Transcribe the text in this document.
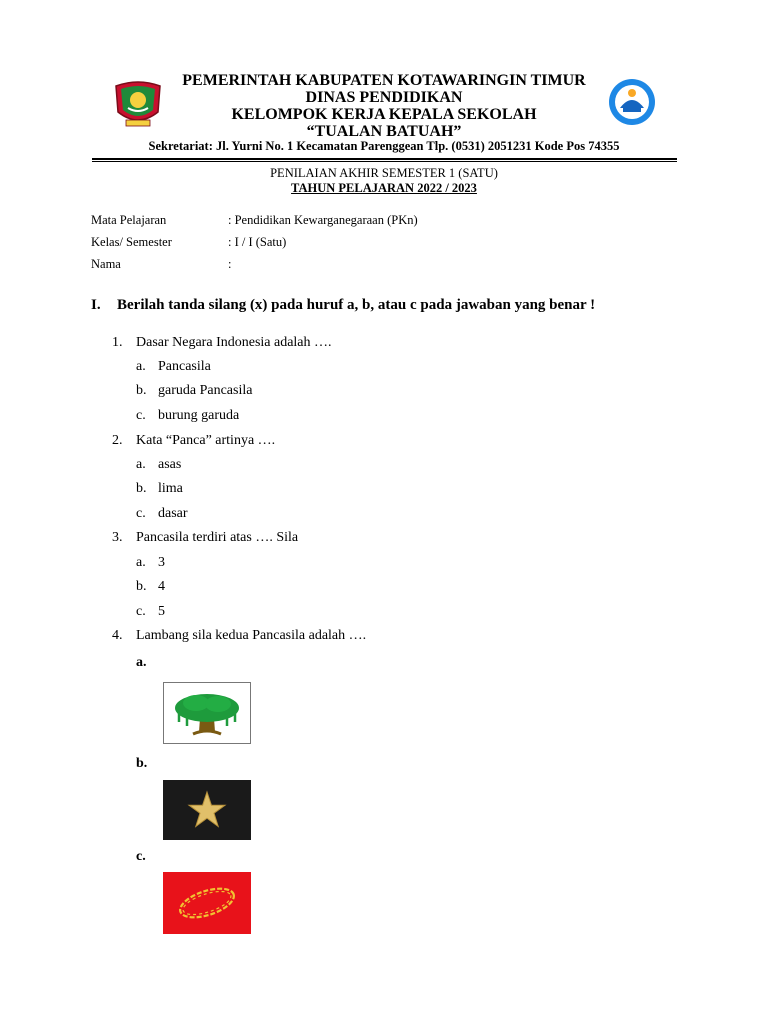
PEMERINTAH KABUPATEN KOTAWARINGIN TIMUR
DINAS PENDIDIKAN
KELOMPOK KERJA KEPALA SEKOLAH
“TUALAN BATUAH”
Sekretariat: Jl. Yurni No. 1 Kecamatan Parenggean Tlp. (0531) 2051231 Kode Pos 74355
PENILAIAN AKHIR SEMESTER 1 (SATU)
TAHUN PELAJARAN 2022 / 2023
Mata Pelajaran	: Pendidikan Kewarganegaraan (PKn)
Kelas/ Semester	: I / I (Satu)
Nama	:
I. Berilah tanda silang (x) pada huruf a, b, atau c pada jawaban yang benar !
1. Dasar Negara Indonesia adalah ….
a. Pancasila
b. garuda Pancasila
c. burung garuda
2. Kata “Panca” artinya ….
a. asas
b. lima
c. dasar
3. Pancasila terdiri atas …. Sila
a. 3
b. 4
c. 5
4. Lambang sila kedua Pancasila adalah ….
a.
b.
c.
